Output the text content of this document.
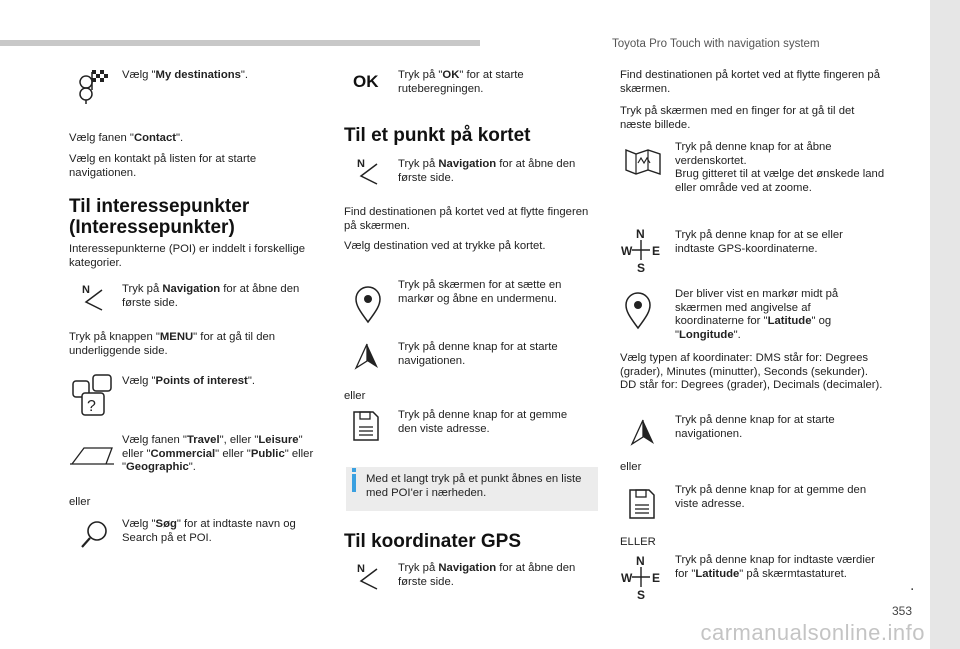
Toyota Pro Touch with navigation system
.
353
carmanualsonline.info
Vælg "My destinations".
Vælg fanen "Contact".
Vælg en kontakt på listen for at starte navigationen.
Til interessepunkter (Interessepunkter)
Interessepunkterne (POI) er inddelt i forskellige kategorier.
N	Tryk på Navigation for at åbne den første side.
Tryk på knappen "MENU" for at gå til den underliggende side.
?
Vælg "Points of interest".
Vælg fanen "Travel", eller "Leisure" eller "Commercial" eller "Public" eller "Geographic".
eller
Vælg "Søg" for at indtaste navn og Search på et POI.
OK Tryk på "OK" for at starte ruteberegningen.
Til et punkt på kortet
N	Tryk på Navigation for at åbne den første side.
Find destinationen på kortet ved at flytte fingeren på skærmen.
Vælg destination ved at trykke på kortet.
Tryk på skærmen for at sætte en markør og åbne en undermenu.
Tryk på denne knap for at starte navigationen.
eller
Tryk på denne knap for at gemme den viste adresse.
Med et langt tryk på et punkt åbnes en liste med POI'er i nærheden.
Til koordinater GPS
N	Tryk på Navigation for at åbne den første side.
Find destinationen på kortet ved at flytte fingeren på skærmen.
Tryk på skærmen med en finger for at gå til det næste billede.
Tryk på denne knap for at åbne verdenskortet.
Brug gitteret til at vælge det ønskede land eller område ved at zoome.
N
W E
S
Tryk på denne knap for at se eller indtaste GPS-koordinaterne.
Der bliver vist en markør midt på skærmen med angivelse af koordinaterne for "Latitude" og "Longitude".
Vælg typen af koordinater: DMS står for: Degrees (grader), Minutes (minutter), Seconds (sekunder). DD står for: Degrees (grader), Decimals (decimaler).
Tryk på denne knap for at starte navigationen.
eller
Tryk på denne knap for at gemme den viste adresse.
ELLER
N
W E
S
Tryk på denne knap for indtaste værdier for "Latitude" på skærmtastaturet.
